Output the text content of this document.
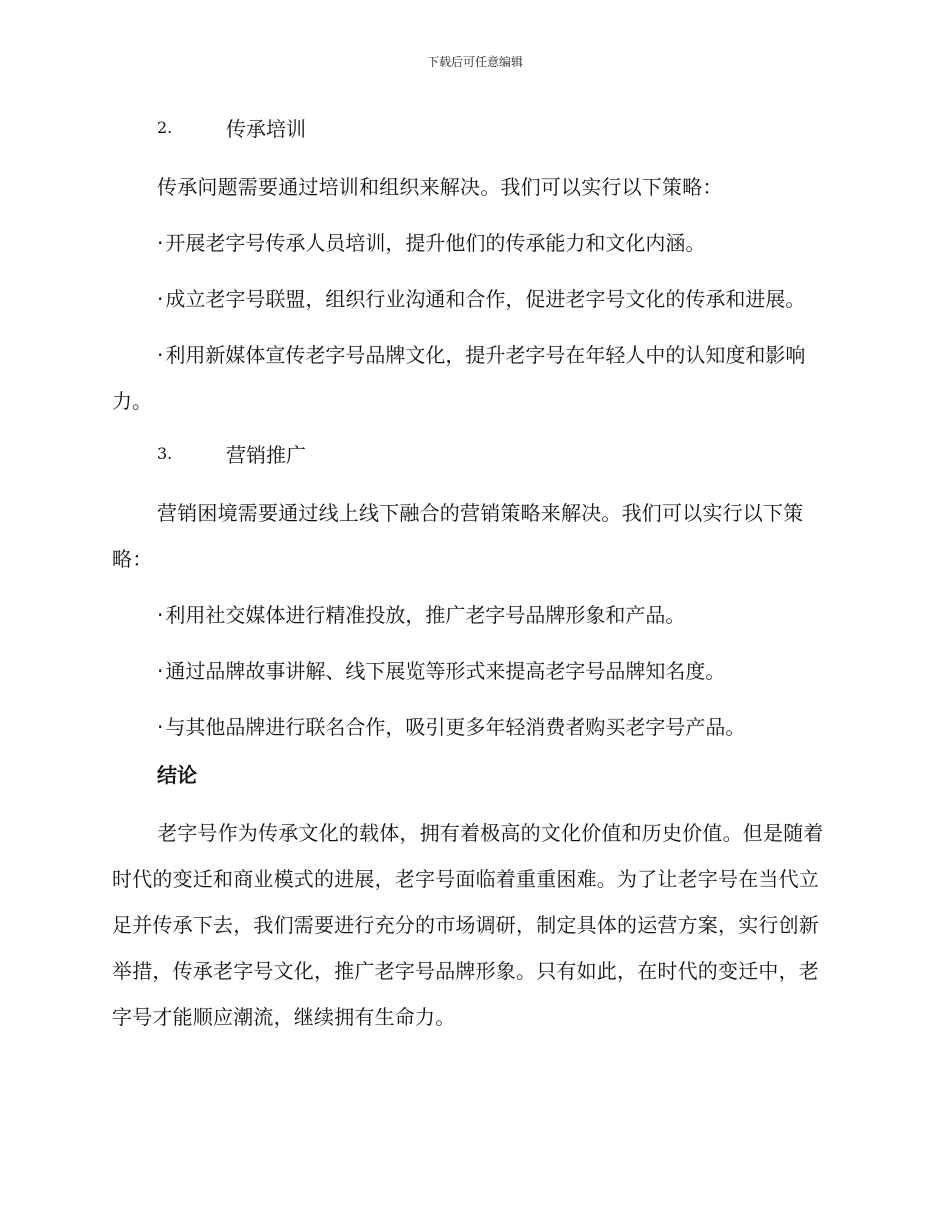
下载后可任意编辑
2.	传承培训

传承问题需要通过培训和组织来解决。我们可以实行以下策略：

· 开展老字号传承人员培训，提升他们的传承能力和文化内涵。

· 成立老字号联盟，组织行业沟通和合作，促进老字号文化的传承和进展。

· 利用新媒体宣传老字号品牌文化，提升老字号在年轻人中的认知度和影响力。

3.	营销推广

营销困境需要通过线上线下融合的营销策略来解决。我们可以实行以下策略：

· 利用社交媒体进行精准投放，推广老字号品牌形象和产品。

· 通过品牌故事讲解、线下展览等形式来提高老字号品牌知名度。

· 与其他品牌进行联名合作，吸引更多年轻消费者购买老字号产品。

结论

老字号作为传承文化的载体，拥有着极高的文化价值和历史价值。但是随着时代的变迁和商业模式的进展，老字号面临着重重困难。为了让老字号在当代立足并传承下去，我们需要进行充分的市场调研，制定具体的运营方案，实行创新举措，传承老字号文化，推广老字号品牌形象。只有如此，在时代的变迁中，老字号才能顺应潮流，继续拥有生命力。
